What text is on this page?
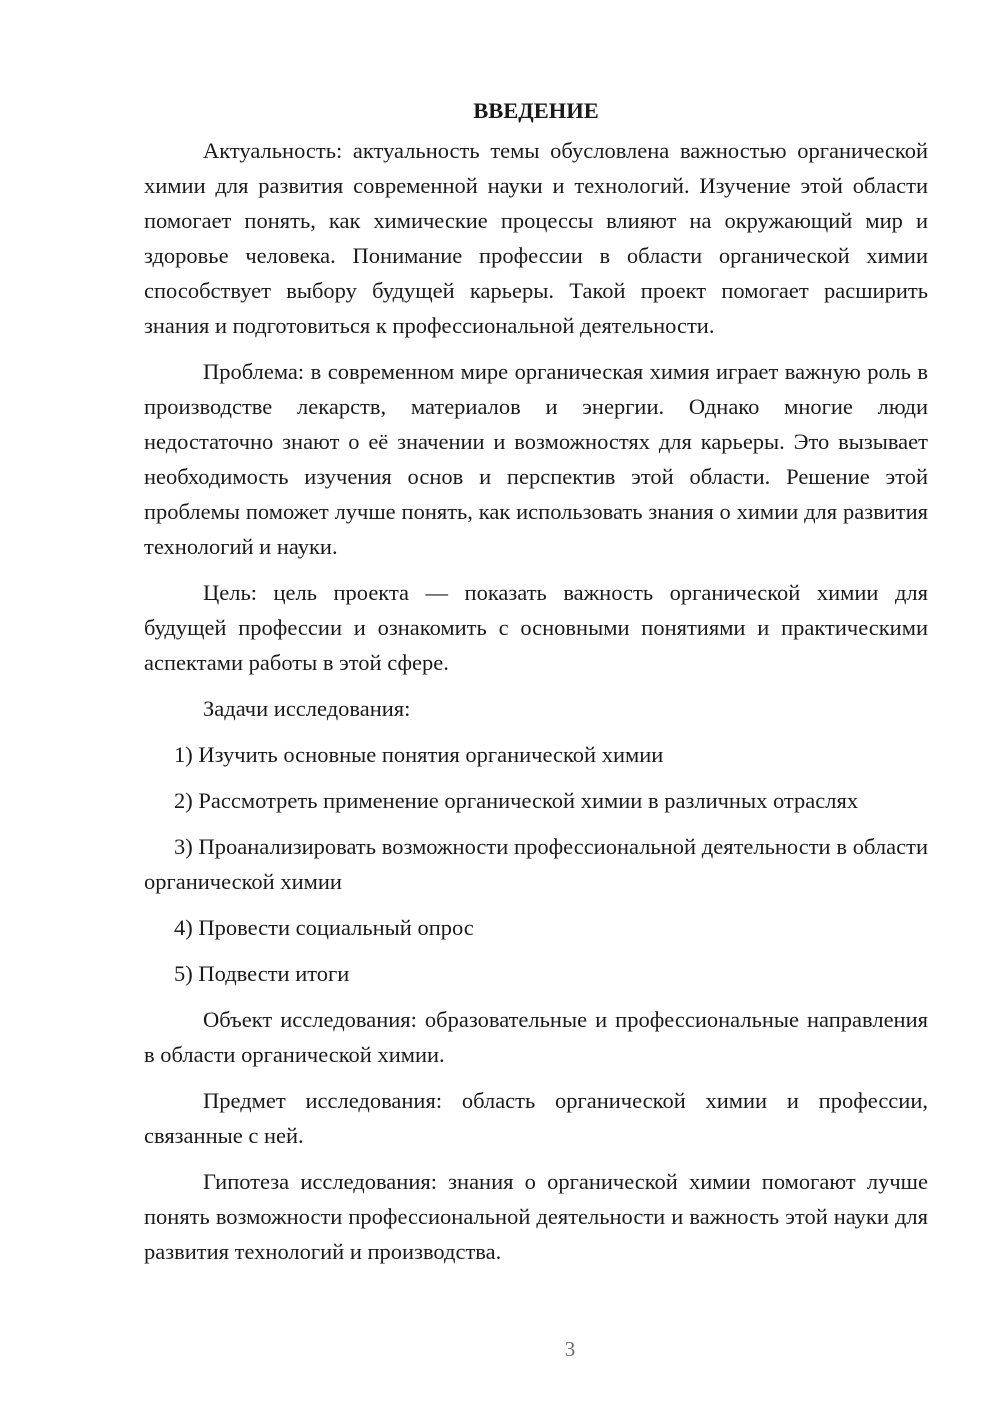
ВВЕДЕНИЕ

Актуальность: актуальность темы обусловлена важностью органической химии для развития современной науки и технологий. Изучение этой области помогает понять, как химические процессы влияют на окружающий мир и здоровье человека. Понимание профессии в области органической химии способствует выбору будущей карьеры. Такой проект помогает расширить знания и подготовиться к профессиональной деятельности.

Проблема: в современном мире органическая химия играет важную роль в производстве лекарств, материалов и энергии. Однако многие люди недостаточно знают о её значении и возможностях для карьеры. Это вызывает необходимость изучения основ и перспектив этой области. Решение этой проблемы поможет лучше понять, как использовать знания о химии для развития технологий и науки.

Цель: цель проекта — показать важность органической химии для будущей профессии и ознакомить с основными понятиями и практическими аспектами работы в этой сфере.

Задачи исследования:

1) Изучить основные понятия органической химии

2) Рассмотреть применение органической химии в различных отраслях

3) Проанализировать возможности профессиональной деятельности в области органической химии

4) Провести социальный опрос

5) Подвести итоги

Объект исследования: образовательные и профессиональные направления в области органической химии.

Предмет исследования: область органической химии и профессии, связанные с ней.

Гипотеза исследования: знания о органической химии помогают лучше понять возможности профессиональной деятельности и важность этой науки для развития технологий и производства.

3
